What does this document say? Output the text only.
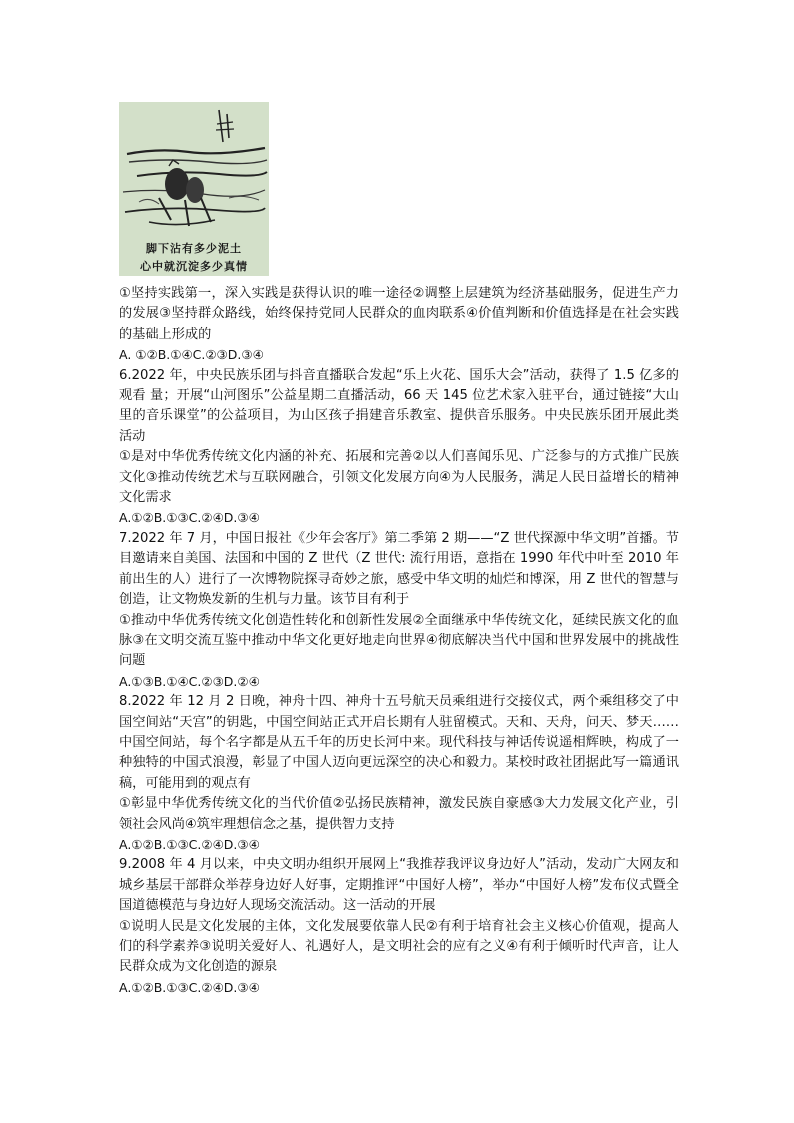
脚下沾有多少泥土
心中就沉淀多少真情

①坚持实践第一，深入实践是获得认识的唯一途径②调整上层建筑为经济基础服务，促进生产力的发展③坚持群众路线，始终保持党同人民群众的血肉联系④价值判断和价值选择是在社会实践的基础上形成的

A. ①②B.①④C.②③D.③④

6.2022 年，中央民族乐团与抖音直播联合发起“乐上火花、国乐大会”活动，获得了 1.5 亿多的观看 量；开展“山河图乐”公益星期二直播活动，66 天 145 位艺术家入驻平台，通过链接“大山里的音乐课堂”的公益项目，为山区孩子捐建音乐教室、提供音乐服务。中央民族乐团开展此类活动

①是对中华优秀传统文化内涵的补充、拓展和完善②以人们喜闻乐见、广泛参与的方式推广民族文化③推动传统艺术与互联网融合，引领文化发展方向④为人民服务，满足人民日益增长的精神文化需求

A.①②B.①③C.②④D.③④

7.2022 年 7 月，中国日报社《少年会客厅》第二季第 2 期——“Z 世代探源中华文明”首播。节目邀请来自美国、法国和中国的 Z 世代（Z 世代: 流行用语，意指在 1990 年代中叶至 2010 年前出生的人）进行了一次博物院探寻奇妙之旅，感受中华文明的灿烂和博深，用 Z 世代的智慧与创造，让文物焕发新的生机与力量。该节目有利于

①推动中华优秀传统文化创造性转化和创新性发展②全面继承中华传统文化，延续民族文化的血脉③在文明交流互鉴中推动中华文化更好地走向世界④彻底解决当代中国和世界发展中的挑战性问题

A.①③B.①④C.②③D.②④

8.2022 年 12 月 2 日晚，神舟十四、神舟十五号航天员乘组进行交接仪式，两个乘组移交了中国空间站“天宫”的钥匙，中国空间站正式开启长期有人驻留模式。天和、天舟，问天、梦天……中国空间站，每个名字都是从五千年的历史长河中来。现代科技与神话传说遥相辉映，构成了一种独特的中国式浪漫，彰显了中国人迈向更远深空的决心和毅力。某校时政社团据此写一篇通讯稿，可能用到的观点有

①彰显中华优秀传统文化的当代价值②弘扬民族精神，激发民族自豪感③大力发展文化产业，引领社会风尚④筑牢理想信念之基，提供智力支持

A.①②B.①③C.②④D.③④

9.2008 年 4 月以来，中央文明办组织开展网上“我推荐我评议身边好人”活动，发动广大网友和城乡基层干部群众举荐身边好人好事，定期推评“中国好人榜”，举办“中国好人榜”发布仪式暨全国道德模范与身边好人现场交流活动。这一活动的开展

①说明人民是文化发展的主体，文化发展要依靠人民②有利于培育社会主义核心价值观，提高人们的科学素养③说明关爱好人、礼遇好人，是文明社会的应有之义④有利于倾听时代声音，让人民群众成为文化创造的源泉

A.①②B.①③C.②④D.③④
